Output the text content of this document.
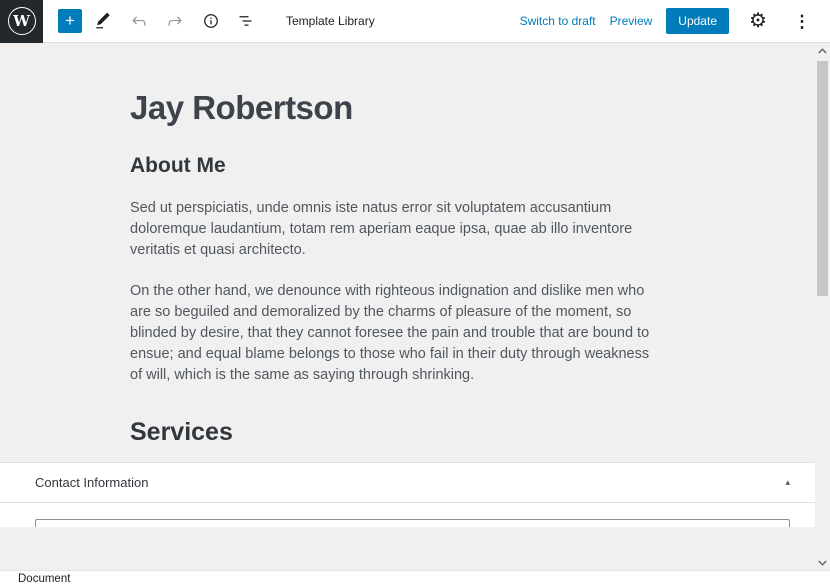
W	+	Template Library	Switch to draft Preview	Update	⚙ ⋮
Jay Robertson
About Me

Sed ut perspiciatis, unde omnis iste natus error sit voluptatem accusantium doloremque laudantium, totam rem aperiam eaque ipsa, quae ab illo inventore veritatis et quasi architecto.

On the other hand, we denounce with righteous indignation and dislike men who are so beguiled and demoralized by the charms of pleasure of the moment, so blinded by desire, that they cannot foresee the pain and trouble that are bound to ensue; and equal blame belongs to those who fail in their duty through weakness of will, which is the same as saying through shrinking.

Services
•
•
•
Contact Information	▴
Document
